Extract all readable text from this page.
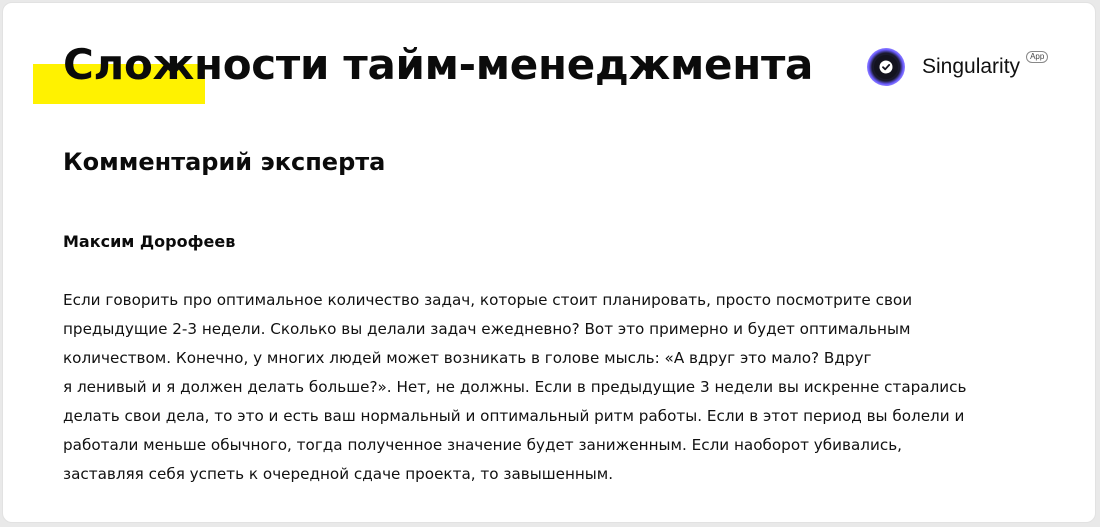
Сложности тайм-менеджмента	Singularity	App
Комментарий эксперта

Максим Дорофеев

Если говорить про оптимальное количество задач, которые стоит планировать, просто посмотрите свои
предыдущие 2-3 недели. Сколько вы делали задач ежедневно? Вот это примерно и будет оптимальным
количеством. Конечно, у многих людей может возникать в голове мысль: «А вдруг это мало? Вдруг
я ленивый и я должен делать больше?». Нет, не должны. Если в предыдущие 3 недели вы искренне старались
делать свои дела, то это и есть ваш нормальный и оптимальный ритм работы. Если в этот период вы болели и
работали меньше обычного, тогда полученное значение будет заниженным. Если наоборот убивались,
заставляя себя успеть к очередной сдаче проекта, то завышенным.
